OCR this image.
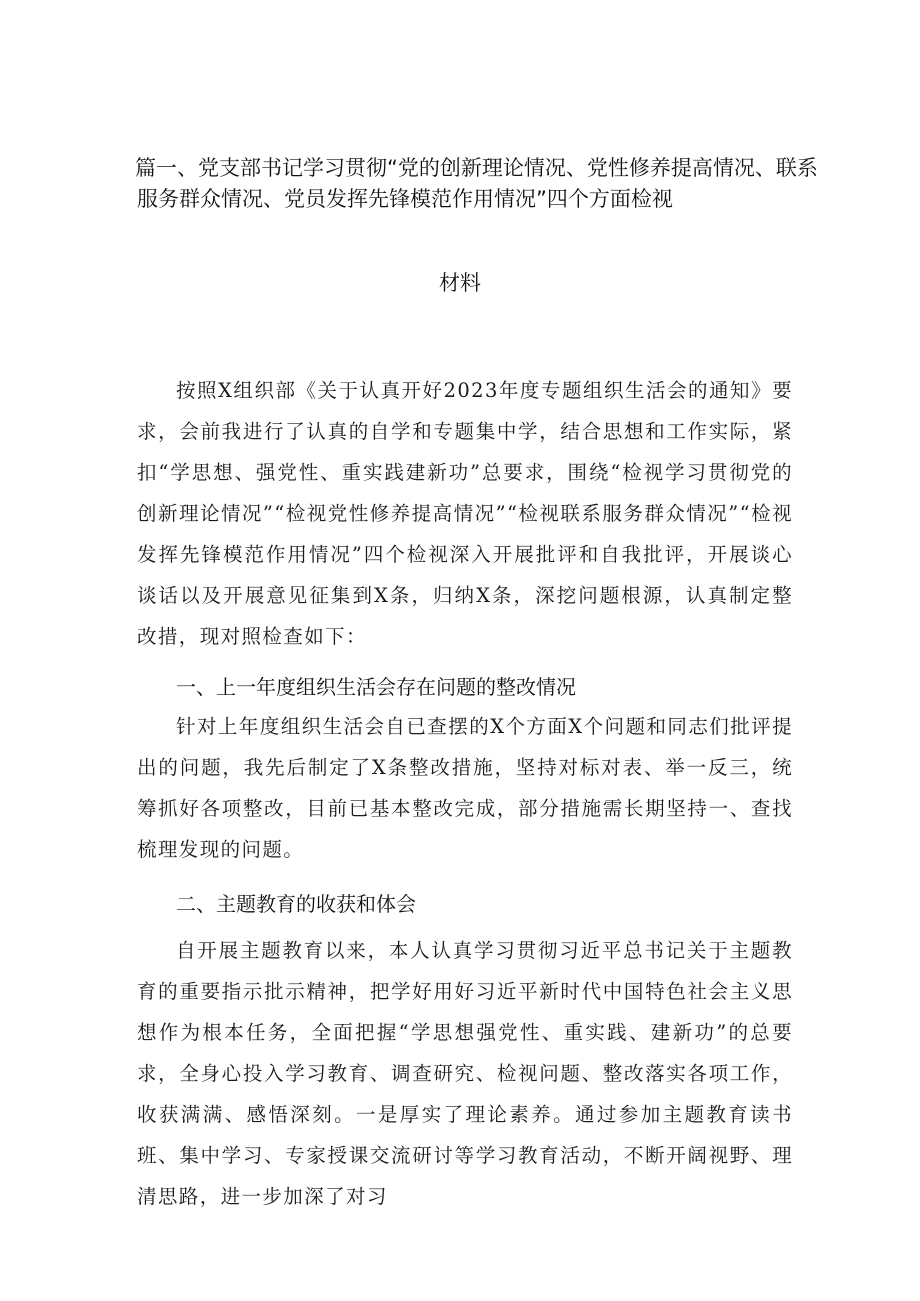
篇一、党支部书记学习贯彻“党的创新理论情况、党性修养提高情况、联系
服务群众情况、党员发挥先锋模范作用情况”四个方面检视
材料

按照X组织部《关于认真开好2023年度专题组织生活会的通知》要求，会前我进行了认真的自学和专题集中学，结合思想和工作实际，紧扣“学思想、强党性、重实践建新功”总要求，围绕“检视学习贯彻党的创新理论情况”“检视党性修养提高情况”“检视联系服务群众情况”“检视发挥先锋模范作用情况”四个检视深入开展批评和自我批评，开展谈心谈话以及开展意见征集到X条，归纳X条，深挖问题根源，认真制定整改措，现对照检查如下：

一、上一年度组织生活会存在问题的整改情况

针对上年度组织生活会自已查摆的X个方面X个问题和同志们批评提出的问题，我先后制定了X条整改措施，坚持对标对表、举一反三，统筹抓好各项整改，目前已基本整改完成，部分措施需长期坚持一、查找梳理发现的问题。

二、主题教育的收获和体会

自开展主题教育以来，本人认真学习贯彻习近平总书记关于主题教育的重要指示批示精神，把学好用好习近平新时代中国特色社会主义思想作为根本任务，全面把握“学思想强党性、重实践、建新功”的总要求，全身心投入学习教育、调查研究、检视问题、整改落实各项工作，收获满满、感悟深刻。一是厚实了理论素养。通过参加主题教育读书班、集中学习、专家授课交流研讨等学习教育活动，不断开阔视野、理清思路，进一步加深了对习
